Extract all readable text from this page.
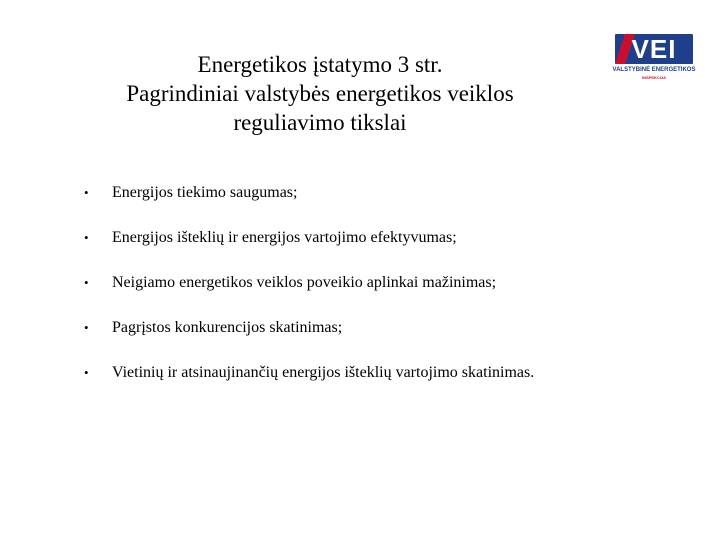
Energetikos įstatymo 3 str.
Pagrindiniai valstybės energetikos veiklos
reguliavimo tikslai
VEI
VALSTYBINĖ ENERGETIKOS
INSPEKCIJA
•	Energijos tiekimo saugumas;
•	Energijos išteklių ir energijos vartojimo efektyvumas;
•	Neigiamo energetikos veiklos poveikio aplinkai mažinimas;
•	Pagrįstos konkurencijos skatinimas;
•	Vietinių ir atsinaujinančių energijos išteklių vartojimo skatinimas.
